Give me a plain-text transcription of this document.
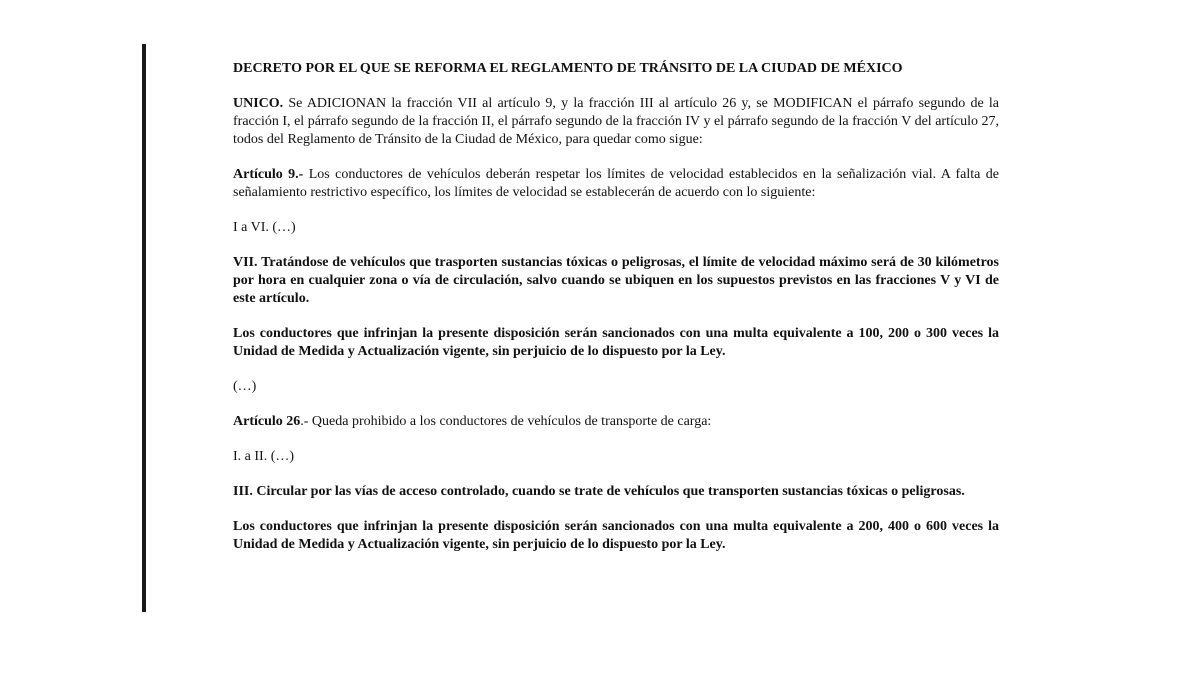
DECRETO POR EL QUE SE REFORMA EL REGLAMENTO DE TRÁNSITO DE LA CIUDAD DE MÉXICO

UNICO. Se ADICIONAN la fracción VII al artículo 9, y la fracción III al artículo 26 y, se MODIFICAN el párrafo segundo de la fracción I, el párrafo segundo de la fracción II, el párrafo segundo de la fracción IV y el párrafo segundo de la fracción V del artículo 27, todos del Reglamento de Tránsito de la Ciudad de México, para quedar como sigue:

Artículo 9.- Los conductores de vehículos deberán respetar los límites de velocidad establecidos en la señalización vial. A falta de señalamiento restrictivo específico, los límites de velocidad se establecerán de acuerdo con lo siguiente:

I a VI. (…)

VII. Tratándose de vehículos que trasporten sustancias tóxicas o peligrosas, el límite de velocidad máximo será de 30 kilómetros por hora en cualquier zona o vía de circulación, salvo cuando se ubiquen en los supuestos previstos en las fracciones V y VI de este artículo.

Los conductores que infrinjan la presente disposición serán sancionados con una multa equivalente a 100, 200 o 300 veces la Unidad de Medida y Actualización vigente, sin perjuicio de lo dispuesto por la Ley.

(…)

Artículo 26.- Queda prohibido a los conductores de vehículos de transporte de carga:

I. a II. (…)

III. Circular por las vías de acceso controlado, cuando se trate de vehículos que transporten sustancias tóxicas o peligrosas.

Los conductores que infrinjan la presente disposición serán sancionados con una multa equivalente a 200, 400 o 600 veces la Unidad de Medida y Actualización vigente, sin perjuicio de lo dispuesto por la Ley.
